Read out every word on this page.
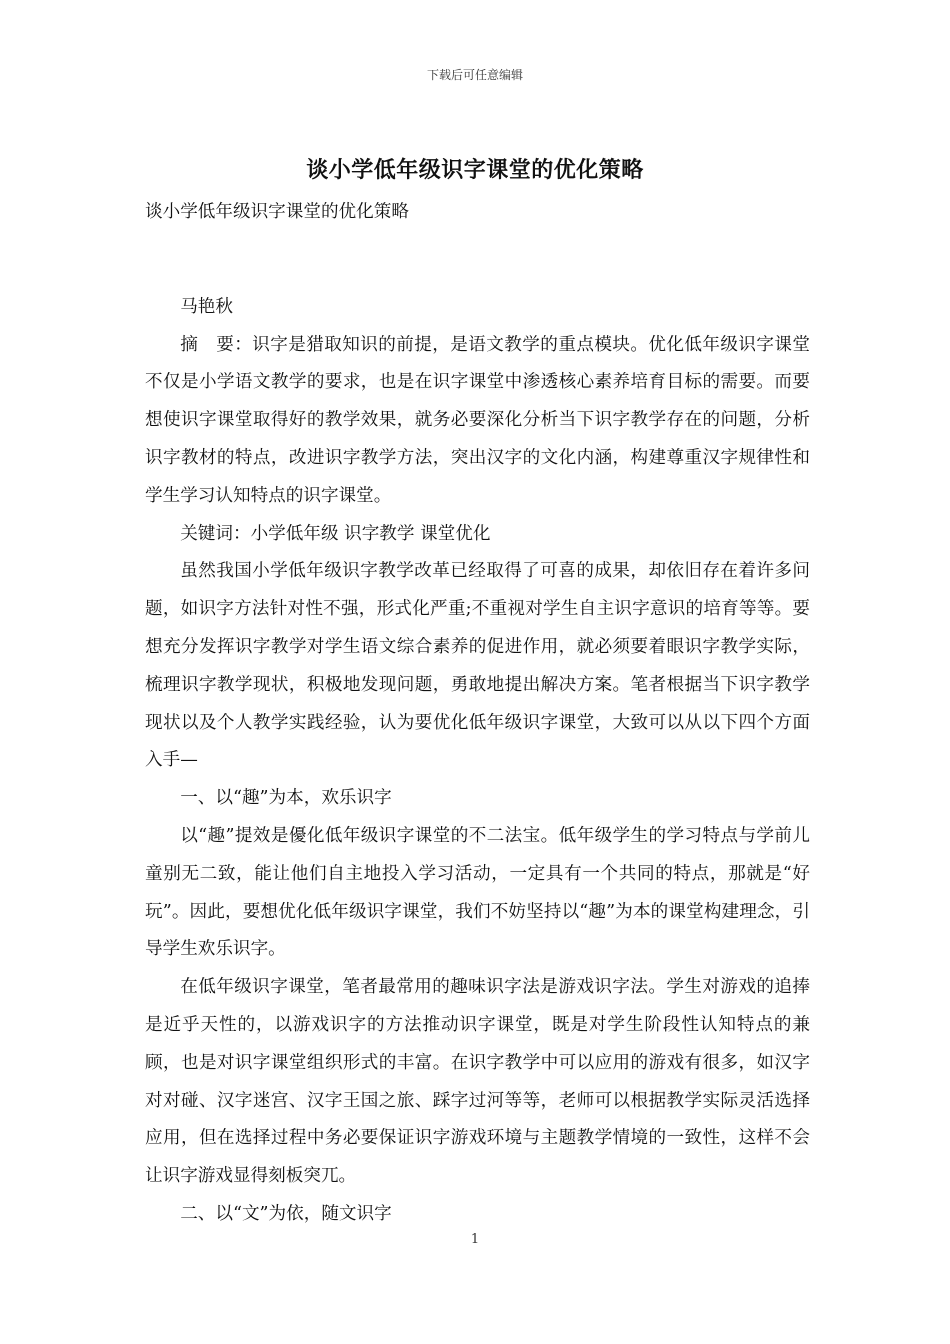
下载后可任意编辑
谈小学低年级识字课堂的优化策略

谈小学低年级识字课堂的优化策略

马艳秋

摘　要：识字是猎取知识的前提，是语文教学的重点模块。优化低年级识字课堂不仅是小学语文教学的要求，也是在识字课堂中渗透核心素养培育目标的需要。而要想使识字课堂取得好的教学效果，就务必要深化分析当下识字教学存在的问题，分析识字教材的特点，改进识字教学方法，突出汉字的文化内涵，构建尊重汉字规律性和学生学习认知特点的识字课堂。

关键词：小学低年级 识字教学 课堂优化

虽然我国小学低年级识字教学改革已经取得了可喜的成果，却依旧存在着许多问题，如识字方法针对性不强，形式化严重;不重视对学生自主识字意识的培育等等。要想充分发挥识字教学对学生语文综合素养的促进作用，就必须要着眼识字教学实际，梳理识字教学现状，积极地发现问题，勇敢地提出解决方案。笔者根据当下识字教学现状以及个人教学实践经验，认为要优化低年级识字课堂，大致可以从以下四个方面入手—

一、以“趣”为本，欢乐识字

以“趣”提效是優化低年级识字课堂的不二法宝。低年级学生的学习特点与学前儿童别无二致，能让他们自主地投入学习活动，一定具有一个共同的特点，那就是“好玩”。因此，要想优化低年级识字课堂，我们不妨坚持以“趣”为本的课堂构建理念，引导学生欢乐识字。

在低年级识字课堂，笔者最常用的趣味识字法是游戏识字法。学生对游戏的追捧是近乎天性的，以游戏识字的方法推动识字课堂，既是对学生阶段性认知特点的兼顾，也是对识字课堂组织形式的丰富。在识字教学中可以应用的游戏有很多，如汉字对对碰、汉字迷宫、汉字王国之旅、踩字过河等等，老师可以根据教学实际灵活选择应用，但在选择过程中务必要保证识字游戏环境与主题教学情境的一致性，这样不会让识字游戏显得刻板突兀。

二、以“文”为依，随文识字

1
